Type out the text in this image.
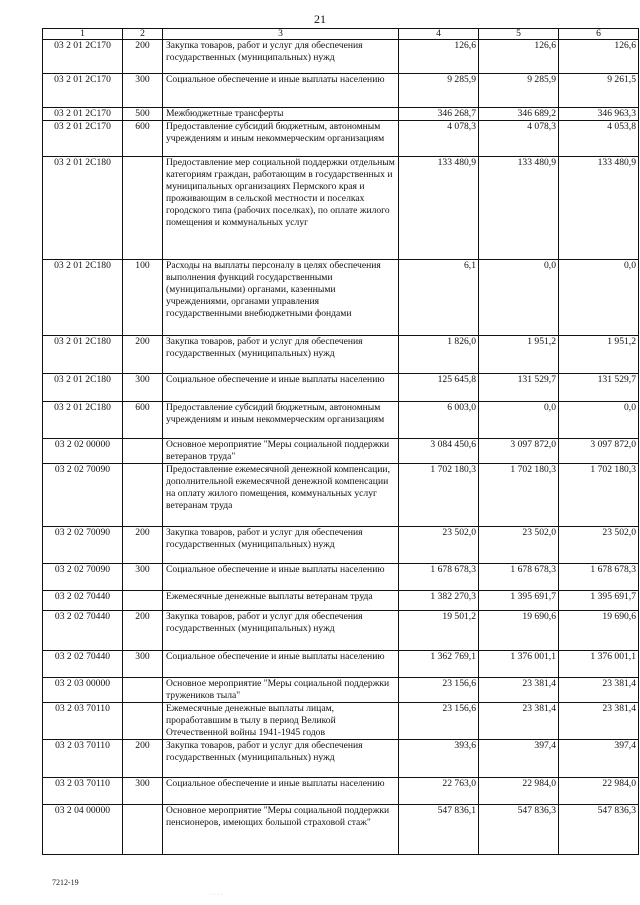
21
1	2	3	4	5	6
03 2 01 2С170	200	Закупка товаров, работ и услуг для обеспечения государственных (муниципальных) нужд	126,6	126,6	126,6
03 2 01 2С170	300	Социальное обеспечение и иные выплаты населению	9 285,9	9 285,9	9 261,5
03 2 01 2С170	500	Межбюджетные трансферты	346 268,7	346 689,2	346 963,3
03 2 01 2С170	600	Предоставление субсидий бюджетным, автономным учреждениям и иным некоммерческим организациям	4 078,3	4 078,3	4 053,8
03 2 01 2С180		Предоставление мер социальной поддержки отдельным категориям граждан, работающим в государственных и муниципальных организациях Пермского края и проживающим в сельской местности и поселках городского типа (рабочих поселках), по оплате жилого помещения и коммунальных услуг	133 480,9	133 480,9	133 480,9
03 2 01 2С180	100	Расходы на выплаты персоналу в целях обеспечения выполнения функций государственными (муниципальными) органами, казенными учреждениями, органами управления государственными внебюджетными фондами	6,1	0,0	0,0
03 2 01 2С180	200	Закупка товаров, работ и услуг для обеспечения государственных (муниципальных) нужд	1 826,0	1 951,2	1 951,2
03 2 01 2С180	300	Социальное обеспечение и иные выплаты населению	125 645,8	131 529,7	131 529,7
03 2 01 2С180	600	Предоставление субсидий бюджетным, автономным учреждениям и иным некоммерческим организациям	6 003,0	0,0	0,0
03 2 02 00000		Основное мероприятие "Меры социальной поддержки ветеранов труда"	3 084 450,6	3 097 872,0	3 097 872,0
03 2 02 70090		Предоставление ежемесячной денежной компенсации, дополнительной ежемесячной денежной компенсации на оплату жилого помещения, коммунальных услуг ветеранам труда	1 702 180,3	1 702 180,3	1 702 180,3
03 2 02 70090	200	Закупка товаров, работ и услуг для обеспечения государственных (муниципальных) нужд	23 502,0	23 502,0	23 502,0
03 2 02 70090	300	Социальное обеспечение и иные выплаты населению	1 678 678,3	1 678 678,3	1 678 678,3
03 2 02 70440		Ежемесячные денежные выплаты ветеранам труда	1 382 270,3	1 395 691,7	1 395 691,7
03 2 02 70440	200	Закупка товаров, работ и услуг для обеспечения государственных (муниципальных) нужд	19 501,2	19 690,6	19 690,6
03 2 02 70440	300	Социальное обеспечение и иные выплаты населению	1 362 769,1	1 376 001,1	1 376 001,1
03 2 03 00000		Основное мероприятие "Меры социальной поддержки тружеников тыла"	23 156,6	23 381,4	23 381,4
03 2 03 70110		Ежемесячные денежные выплаты лицам, проработавшим в тылу в период Великой Отечественной войны 1941-1945 годов	23 156,6	23 381,4	23 381,4
03 2 03 70110	200	Закупка товаров, работ и услуг для обеспечения государственных (муниципальных) нужд	393,6	397,4	397,4
03 2 03 70110	300	Социальное обеспечение и иные выплаты населению	22 763,0	22 984,0	22 984,0
03 2 04 00000		Основное мероприятие "Меры социальной поддержки пенсионеров, имеющих большой страховой стаж"	547 836,1	547 836,3	547 836,3
7212-19
· · · ·
